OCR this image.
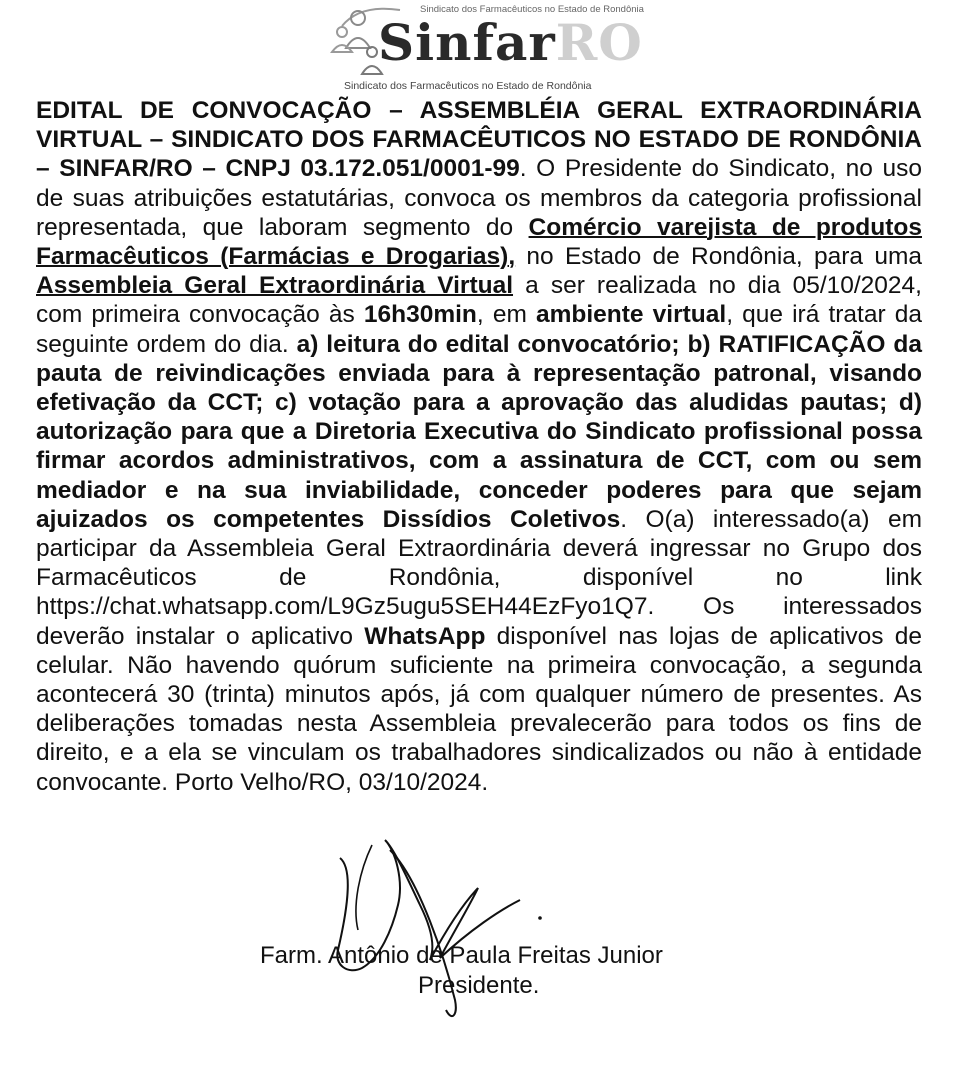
Sindicato dos Farmacêuticos no Estado de Rondônia
SinfarRO
Sindicato dos Farmacêuticos no Estado de Rondônia

EDITAL DE CONVOCAÇÃO – ASSEMBLÉIA GERAL EXTRAORDINÁRIA VIRTUAL – SINDICATO DOS FARMACÊUTICOS NO ESTADO DE RONDÔNIA – SINFAR/RO – CNPJ 03.172.051/0001-99. O Presidente do Sindicato, no uso de suas atribuições estatutárias, convoca os membros da categoria profissional representada, que laboram segmento do Comércio varejista de produtos Farmacêuticos (Farmácias e Drogarias), no Estado de Rondônia, para uma Assembleia Geral Extraordinária Virtual a ser realizada no dia 05/10/2024, com primeira convocação às 16h30min, em ambiente virtual, que irá tratar da seguinte ordem do dia. a) leitura do edital convocatório; b) RATIFICAÇÃO da pauta de reivindicações enviada para à representação patronal, visando efetivação da CCT; c) votação para a aprovação das aludidas pautas; d) autorização para que a Diretoria Executiva do Sindicato profissional possa firmar acordos administrativos, com a assinatura de CCT, com ou sem mediador e na sua inviabilidade, conceder poderes para que sejam ajuizados os competentes Dissídios Coletivos. O(a) interessado(a) em participar da Assembleia Geral Extraordinária deverá ingressar no Grupo dos Farmacêuticos de Rondônia, disponível no link https://chat.whatsapp.com/L9Gz5ugu5SEH44EzFyo1Q7. Os interessados deverão instalar o aplicativo WhatsApp disponível nas lojas de aplicativos de celular. Não havendo quórum suficiente na primeira convocação, a segunda acontecerá 30 (trinta) minutos após, já com qualquer número de presentes. As deliberações tomadas nesta Assembleia prevalecerão para todos os fins de direito, e a ela se vinculam os trabalhadores sindicalizados ou não à entidade convocante. Porto Velho/RO, 03/10/2024.

Farm. Antônio de Paula Freitas Junior
Presidente.
